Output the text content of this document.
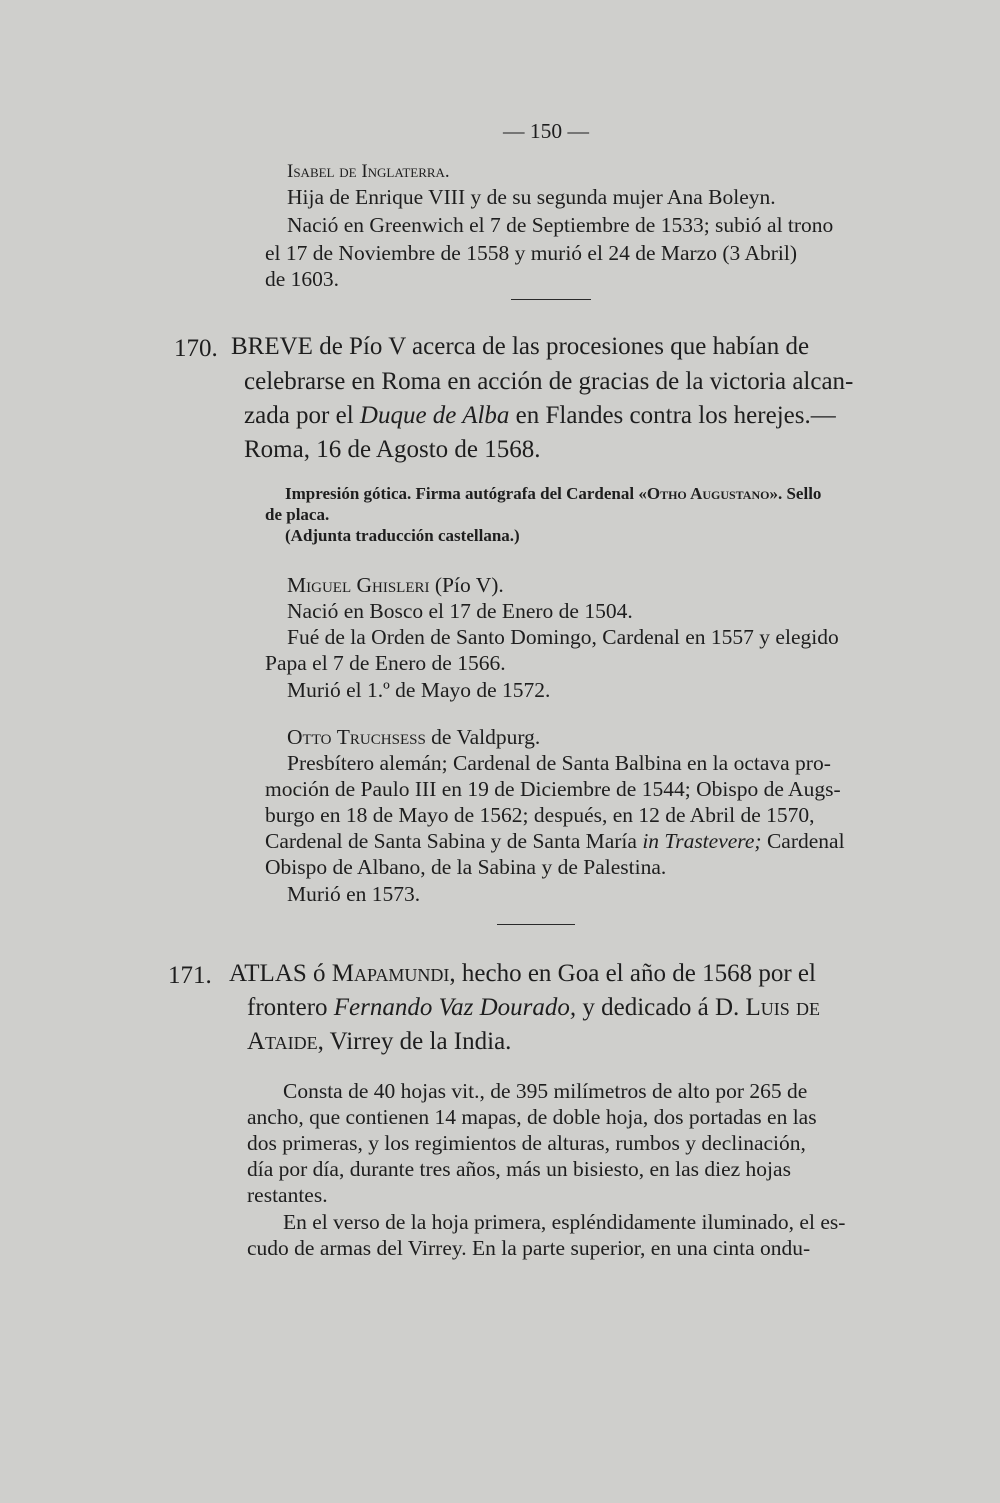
— 150 —
Isabel de Inglaterra.
Hija de Enrique VIII y de su segunda mujer Ana Boleyn.
Nació en Greenwich el 7 de Septiembre de 1533; subió al trono
el 17 de Noviembre de 1558 y murió el 24 de Marzo (3 Abril)
de 1603.
170. BREVE de Pío V acerca de las procesiones que habían de
celebrarse en Roma en acción de gracias de la victoria alcan-
zada por el Duque de Alba en Flandes contra los herejes.—
Roma, 16 de Agosto de 1568.
Impresión gótica. Firma autógrafa del Cardenal «Otho Augustano». Sello
de placa.
(Adjunta traducción castellana.)
Miguel Ghisleri (Pío V).
Nació en Bosco el 17 de Enero de 1504.
Fué de la Orden de Santo Domingo, Cardenal en 1557 y elegido
Papa el 7 de Enero de 1566.
Murió el 1.º de Mayo de 1572.
Otto Truchsess de Valdpurg.
Presbítero alemán; Cardenal de Santa Balbina en la octava pro-
moción de Paulo III en 19 de Diciembre de 1544; Obispo de Augs-
burgo en 18 de Mayo de 1562; después, en 12 de Abril de 1570,
Cardenal de Santa Sabina y de Santa María in Trastevere; Cardenal
Obispo de Albano, de la Sabina y de Palestina.
Murió en 1573.
171. ATLAS ó Mapamundi, hecho en Goa el año de 1568 por el
frontero Fernando Vaz Dourado, y dedicado á D. Luis de
Ataide, Virrey de la India.
Consta de 40 hojas vit., de 395 milímetros de alto por 265 de
ancho, que contienen 14 mapas, de doble hoja, dos portadas en las
dos primeras, y los regimientos de alturas, rumbos y declinación,
día por día, durante tres años, más un bisiesto, en las diez hojas
restantes.
En el verso de la hoja primera, espléndidamente iluminado, el es-
cudo de armas del Virrey. En la parte superior, en una cinta ondu-
